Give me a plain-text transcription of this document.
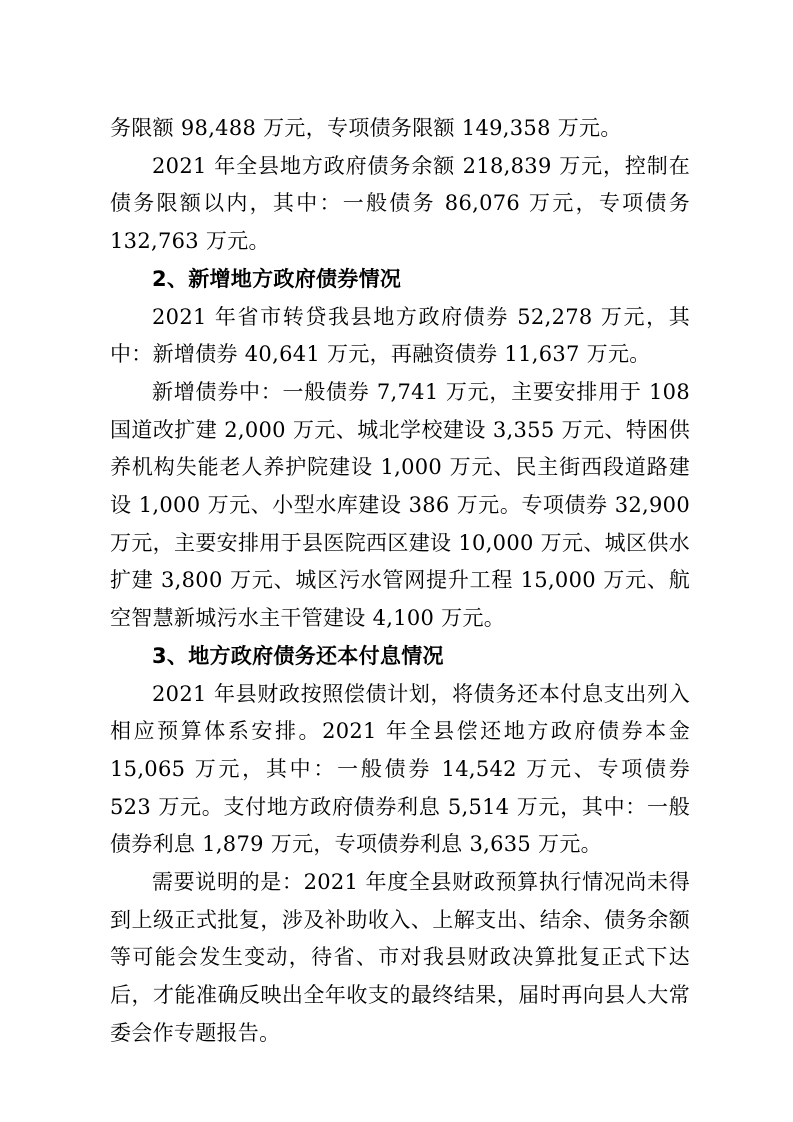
务限额 98,488 万元，专项债务限额 149,358 万元。

2021 年全县地方政府债务余额 218,839 万元，控制在债务限额以内，其中：一般债务 86,076 万元，专项债务 132,763 万元。

2、新增地方政府债券情况

2021 年省市转贷我县地方政府债券 52,278 万元，其中：新增债券 40,641 万元，再融资债券 11,637 万元。

新增债券中：一般债券 7,741 万元，主要安排用于 108 国道改扩建 2,000 万元、城北学校建设 3,355 万元、特困供养机构失能老人养护院建设 1,000 万元、民主街西段道路建设 1,000 万元、小型水库建设 386 万元。专项债券 32,900 万元，主要安排用于县医院西区建设 10,000 万元、城区供水扩建 3,800 万元、城区污水管网提升工程 15,000 万元、航空智慧新城污水主干管建设 4,100 万元。

3、地方政府债务还本付息情况

2021 年县财政按照偿债计划，将债务还本付息支出列入相应预算体系安排。2021 年全县偿还地方政府债券本金 15,065 万元，其中：一般债券 14,542 万元、专项债券 523 万元。支付地方政府债券利息 5,514 万元，其中：一般债券利息 1,879 万元，专项债券利息 3,635 万元。

需要说明的是：2021 年度全县财政预算执行情况尚未得到上级正式批复，涉及补助收入、上解支出、结余、债务余额等可能会发生变动，待省、市对我县财政决算批复正式下达后，才能准确反映出全年收支的最终结果，届时再向县人大常委会作专题报告。
